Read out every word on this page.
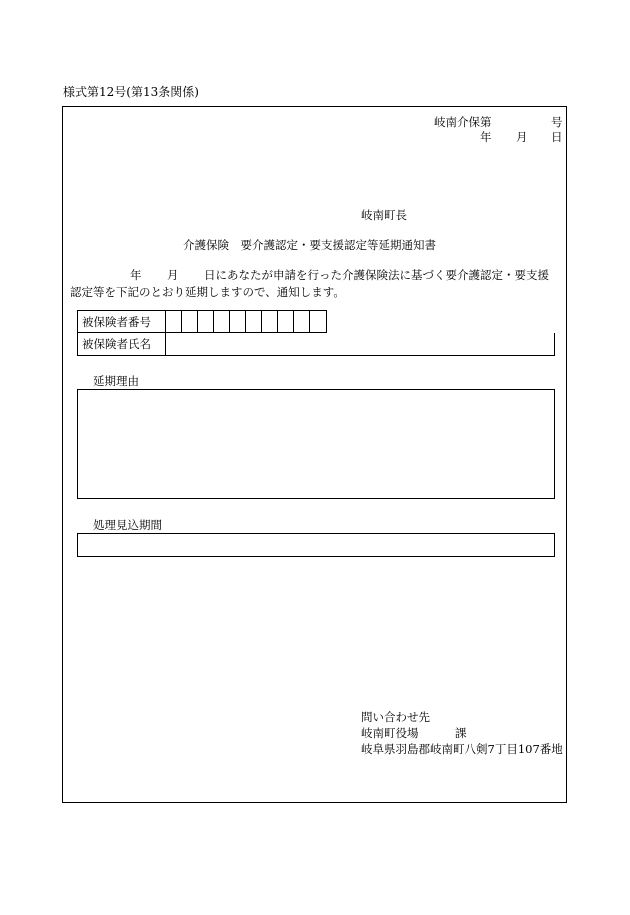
様式第12号(第13条関係)
岐南介保第	号
年 月 日
岐南町長
介護保険　要介護認定・要支援認定等延期通知書
年 月 日にあなたが申請を行った介護保険法に基づく要介護認定・要支援
認定等を下記のとおり延期しますので、通知します。
被保険者番号
被保険者氏名
延期理由
処理見込期間
問い合わせ先
岐南町役場	課
岐阜県羽島郡岐南町八剣7丁目107番地
